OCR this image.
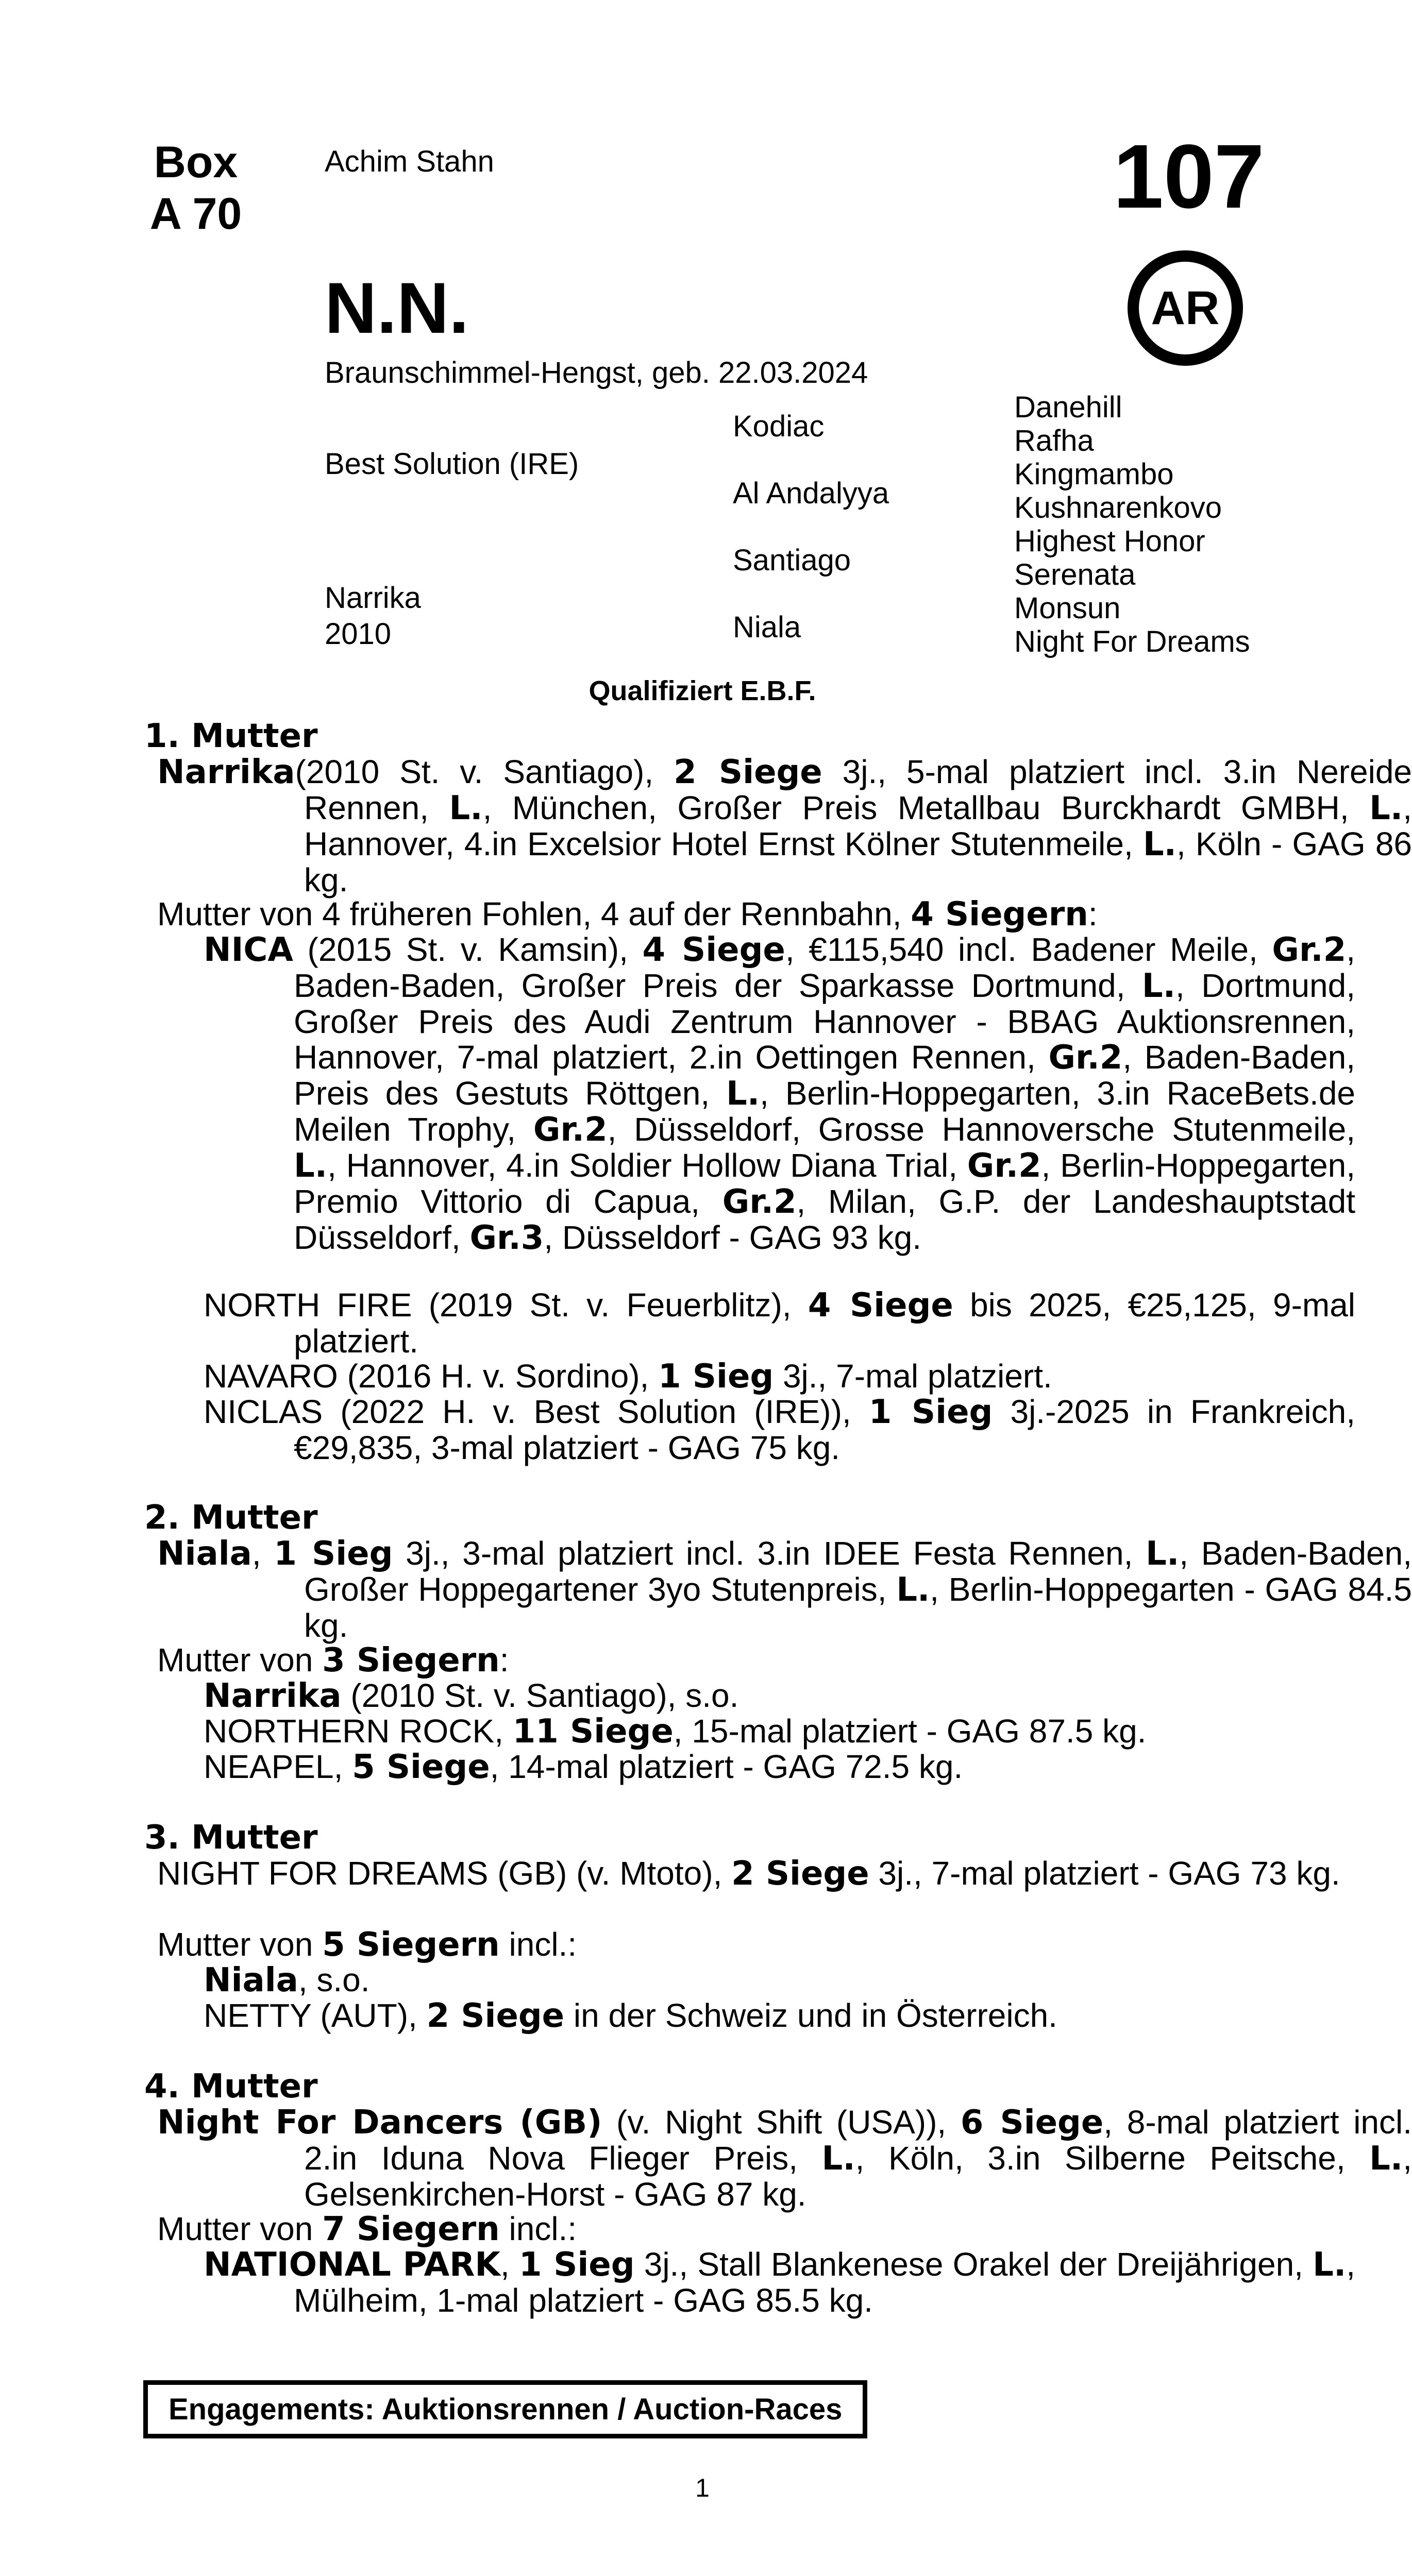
Box
A 70
Achim Stahn	107
AR
N.N.
Braunschimmel-Hengst, geb. 22.03.2024
Best Solution (IRE)
Narrika
2010
Kodiac
Al Andalyya
Santiago
Niala
Danehill
Rafha
Kingmambo
Kushnarenkovo
Highest Honor
Serenata
Monsun
Night For Dreams
Qualifiziert E.B.F.
1. Mutter
Narrika(2010 St. v. Santiago), 2 Siege 3j., 5-mal platziert incl. 3.in Nereide Rennen, L., München, Großer Preis Metallbau Burckhardt GMBH, L., Hannover, 4.in Excelsior Hotel Ernst Kölner Stutenmeile, L., Köln - GAG 86 kg.
Mutter von 4 früheren Fohlen, 4 auf der Rennbahn, 4 Siegern:
NICA (2015 St. v. Kamsin), 4 Siege, €115,540 incl. Badener Meile, Gr.2, Baden-Baden, Großer Preis der Sparkasse Dortmund, L., Dortmund, Großer Preis des Audi Zentrum Hannover - BBAG Auktionsrennen, Hannover, 7-mal platziert, 2.in Oettingen Rennen, Gr.2, Baden-Baden, Preis des Gestuts Röttgen, L., Berlin-Hoppegarten, 3.in RaceBets.de Meilen Trophy, Gr.2, Düsseldorf, Grosse Hannoversche Stutenmeile, L., Hannover, 4.in Soldier Hollow Diana Trial, Gr.2, Berlin-Hoppegarten, Premio Vittorio di Capua, Gr.2, Milan, G.P. der Landeshauptstadt Düsseldorf, Gr.3, Düsseldorf - GAG 93 kg.
NORTH FIRE (2019 St. v. Feuerblitz), 4 Siege bis 2025, €25,125, 9-mal platziert.
NAVARO (2016 H. v. Sordino), 1 Sieg 3j., 7-mal platziert.
NICLAS (2022 H. v. Best Solution (IRE)), 1 Sieg 3j.-2025 in Frankreich, €29,835, 3-mal platziert - GAG 75 kg.
2. Mutter
Niala, 1 Sieg 3j., 3-mal platziert incl. 3.in IDEE Festa Rennen, L., Baden-Baden, Großer Hoppegartener 3yo Stutenpreis, L., Berlin-Hoppegarten - GAG 84.5 kg.
Mutter von 3 Siegern:
Narrika (2010 St. v. Santiago), s.o.
NORTHERN ROCK, 11 Siege, 15-mal platziert - GAG 87.5 kg.
NEAPEL, 5 Siege, 14-mal platziert - GAG 72.5 kg.
3. Mutter
NIGHT FOR DREAMS (GB) (v. Mtoto), 2 Siege 3j., 7-mal platziert - GAG 73 kg.
Mutter von 5 Siegern incl.:
Niala, s.o.
NETTY (AUT), 2 Siege in der Schweiz und in Österreich.
4. Mutter
Night For Dancers (GB) (v. Night Shift (USA)), 6 Siege, 8-mal platziert incl. 2.in Iduna Nova Flieger Preis, L., Köln, 3.in Silberne Peitsche, L., Gelsenkirchen-Horst - GAG 87 kg.
Mutter von 7 Siegern incl.:
NATIONAL PARK, 1 Sieg 3j., Stall Blankenese Orakel der Dreijährigen, L., Mülheim, 1-mal platziert - GAG 85.5 kg.
Engagements: Auktionsrennen / Auction-Races
1
